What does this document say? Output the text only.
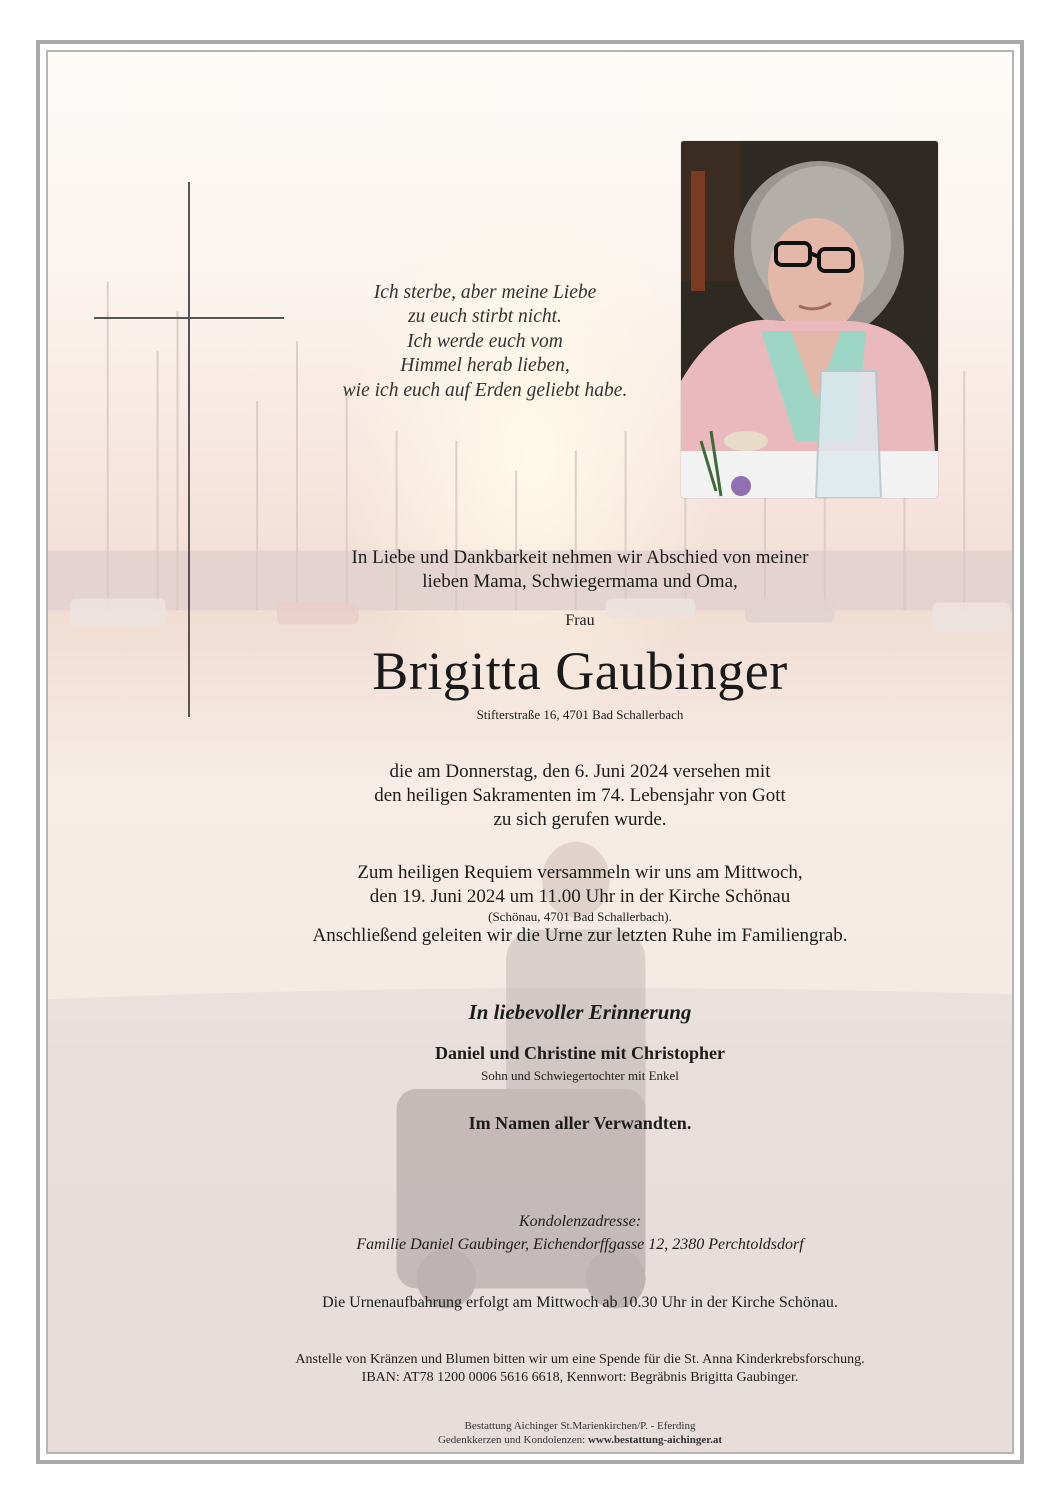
Ich sterbe, aber meine Liebe
zu euch stirbt nicht.
Ich werde euch vom
Himmel herab lieben,
wie ich euch auf Erden geliebt habe.
In Liebe und Dankbarkeit nehmen wir Abschied von meiner
lieben Mama, Schwiegermama und Oma,
Frau
Brigitta Gaubinger
Stifterstraße 16, 4701 Bad Schallerbach
die am Donnerstag, den 6. Juni 2024 versehen mit
den heiligen Sakramenten im 74. Lebensjahr von Gott
zu sich gerufen wurde.
Zum heiligen Requiem versammeln wir uns am Mittwoch,
den 19. Juni 2024 um 11.00 Uhr in der Kirche Schönau
(Schönau, 4701 Bad Schallerbach).
Anschließend geleiten wir die Urne zur letzten Ruhe im Familiengrab.
In liebevoller Erinnerung
Daniel und Christine mit Christopher
Sohn und Schwiegertochter mit Enkel
Im Namen aller Verwandten.
Kondolenzadresse:
Familie Daniel Gaubinger, Eichendorffgasse 12, 2380 Perchtoldsdorf
Die Urnenaufbahrung erfolgt am Mittwoch ab 10.30 Uhr in der Kirche Schönau.
Anstelle von Kränzen und Blumen bitten wir um eine Spende für die St. Anna Kinderkrebsforschung.
IBAN: AT78 1200 0006 5616 6618, Kennwort: Begräbnis Brigitta Gaubinger.
Bestattung Aichinger St.Marienkirchen/P. - Eferding
Gedenkkerzen und Kondolenzen: www.bestattung-aichinger.at
